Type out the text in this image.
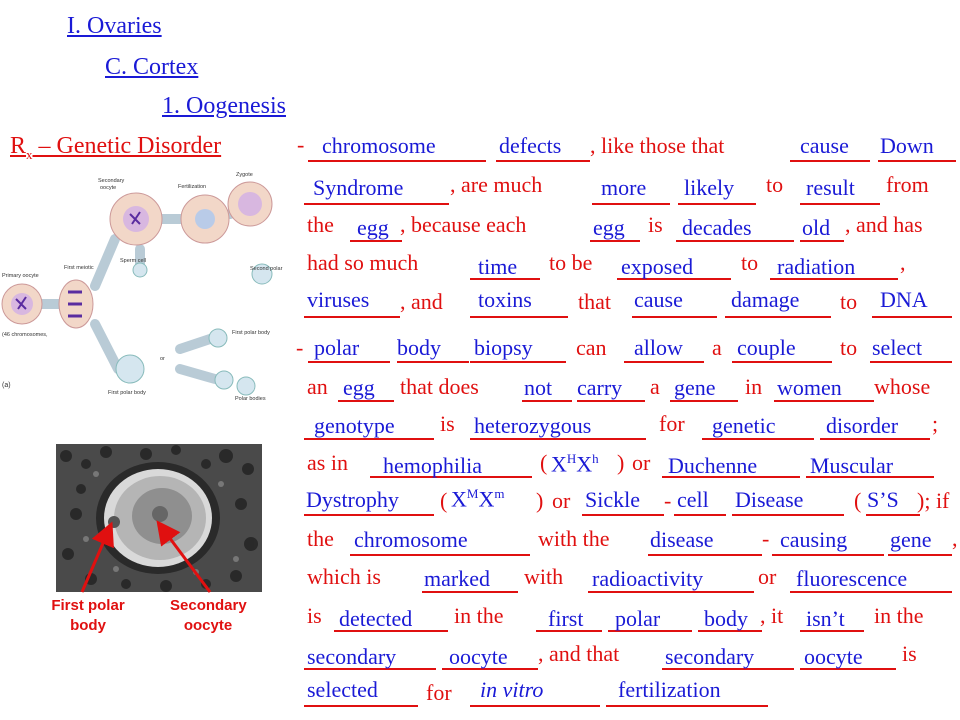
I. Ovaries
C. Cortex
1. Oogenesis
$R_x$ – Genetic Disorder	- chromosome	defects , like those that	cause Down
Syndrome , are much	more likely to result from
the egg , because each	egg is decades old , and has
had so much	time to be exposed to radiation ,
viruses , and toxins that cause damage to DNA
- polar body biopsy can allow a couple to select
an egg that does not carry a gene in women whose
genotype is heterozygous	for genetic disorder ;
as in hemophilia	( $X^HX^h$ ) or Duchenne Muscular
Dystrophy ( $X^MX^m$ ) or Sickle - cell Disease ( S’S ); if
the chromosome	with the disease - causing gene ,
which is marked with radioactivity or fluorescence
is detected in the first polar body , it isn’t in the
secondary oocyte , and that secondary oocyte is
selected for in vitro	fertilization
Zygote
Secondary
oocyte	Fertilization
Primary oocyte
First meiotic
Sperm cell
(46 chromosomes,
First polar body
or
First polar body
Polar bodies
Second polar
(a)
First polar body
Secondary oocyte
